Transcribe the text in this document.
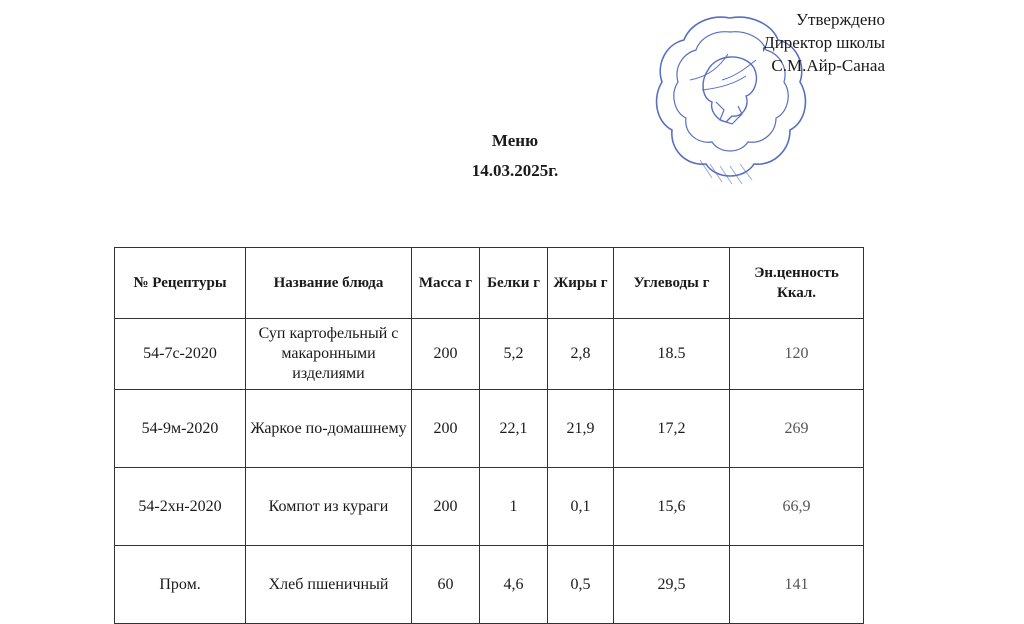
Утверждено
Директор школы
С.М.Айр-Санаа
Меню
14.03.2025г.
№ Рецептуры	Название блюда	Масса г	Белки г	Жиры г	Углеводы г	Эн.ценность Ккал.
54-7с-2020	Суп картофельный с макаронными изделиями	200	5,2	2,8	18.5	120
54-9м-2020	Жаркое по-домашнему	200	22,1	21,9	17,2	269
54-2хн-2020	Компот из кураги	200	1	0,1	15,6	66,9
Пром.	Хлеб пшеничный	60	4,6	0,5	29,5	141
